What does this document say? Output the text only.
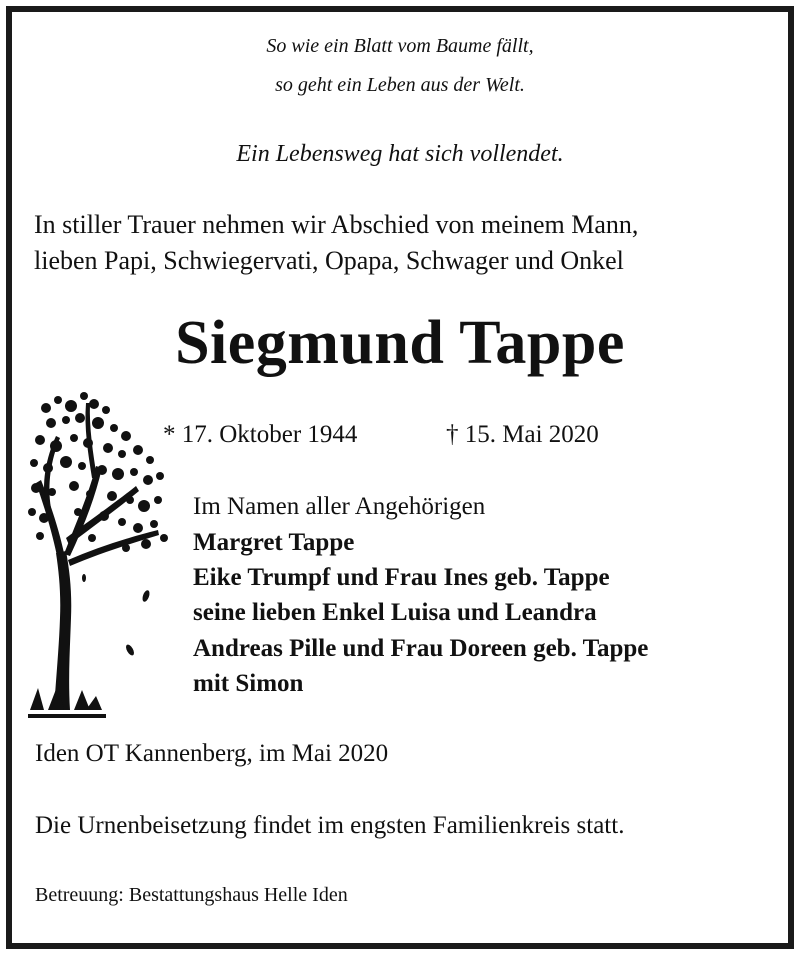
So wie ein Blatt vom Baume fällt,
so geht ein Leben aus der Welt.
Ein Lebensweg hat sich vollendet.
In stiller Trauer nehmen wir Abschied von meinem Mann,
lieben Papi, Schwiegervati, Opapa, Schwager und Onkel
Siegmund Tappe
* 17. Oktober 1944	† 15. Mai 2020
Im Namen aller Angehörigen
Margret Tappe
Eike Trumpf und Frau Ines geb. Tappe
seine lieben Enkel Luisa und Leandra
Andreas Pille und Frau Doreen geb. Tappe
mit Simon
Iden OT Kannenberg, im Mai 2020
Die Urnenbeisetzung findet im engsten Familienkreis statt.
Betreuung: Bestattungshaus Helle Iden
